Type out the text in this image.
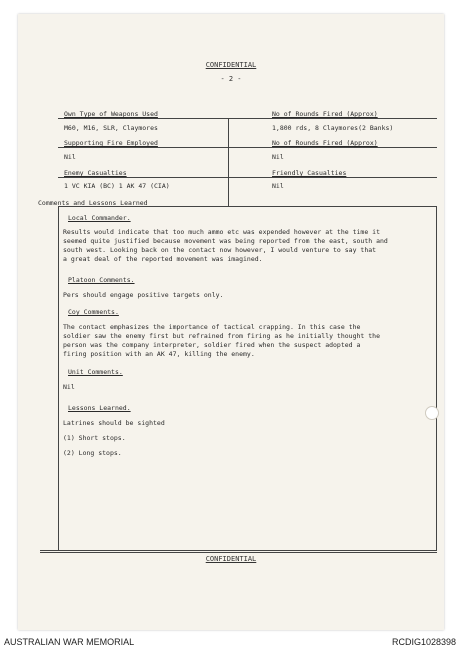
CONFIDENTIAL
- 2 -
Own Type of Weapons Used
M60, M16, SLR, Claymores
No of Rounds Fired (Approx)
1,800 rds, 8 Claymores(2 Banks)
Supporting Fire Employed
Nil
No of Rounds Fired (Approx)
Nil
Enemy Casualties
1 VC KIA (BC) 1 AK 47 (CIA)
Friendly Casualties
Nil
Comments and Lessons Learned
Local Commander.
Results would indicate that too much ammo etc was expended however at the time it
seemed quite justified because movement was being reported from the east, south and
south west. Looking back on the contact now however, I would venture to say that
a great deal of the reported movement was imagined.
Platoon Comments.
Pers should engage positive targets only.
Coy Comments.
The contact emphasizes the importance of tactical crapping. In this case the
soldier saw the enemy first but refrained from firing as he initially thought the
person was the company interpreter, soldier fired when the suspect adopted a
firing position with an AK 47, killing the enemy.
Unit Comments.
Nil
Lessons Learned.
Latrines should be sighted
(1) Short stops.
(2) Long stops.
CONFIDENTIAL
AUSTRALIAN WAR MEMORIAL	RCDIG1028398
